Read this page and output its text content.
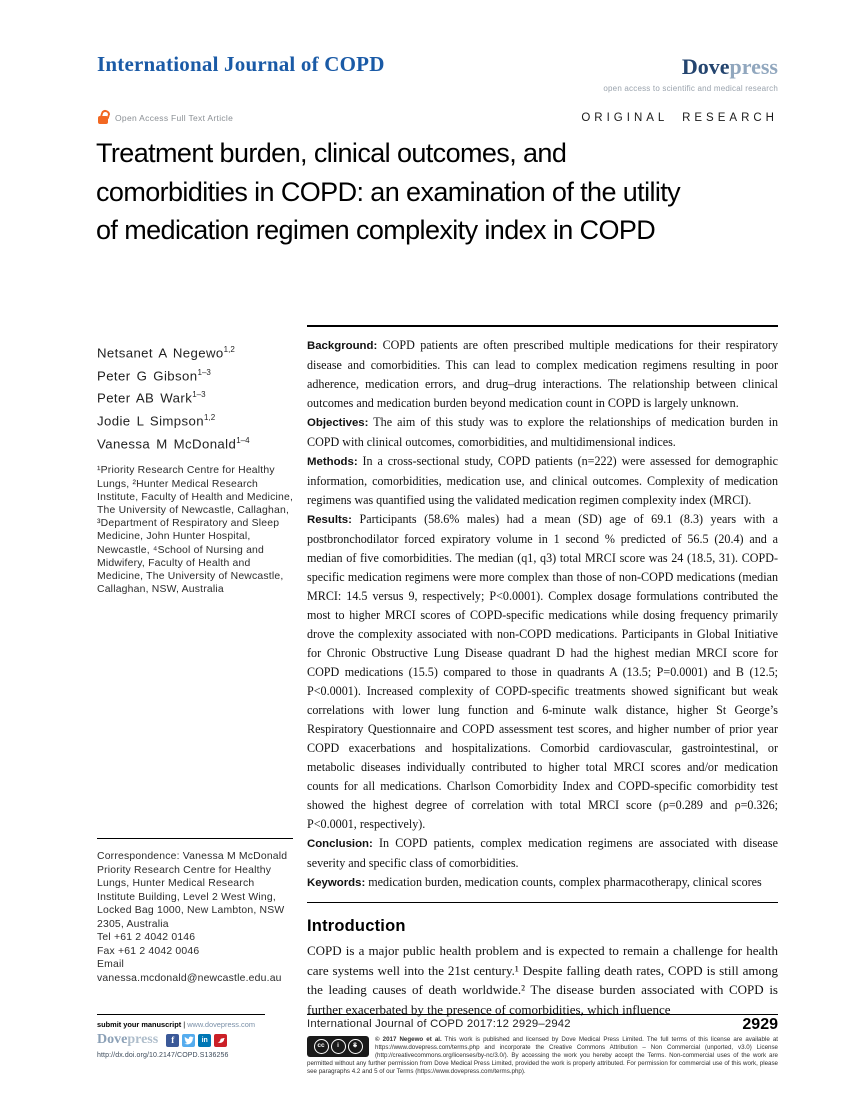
International Journal of COPD	Dovepress
open access to scientific and medical research
Open Access Full Text Article	ORIGINAL RESEARCH
Treatment burden, clinical outcomes, and
comorbidities in COPD: an examination of the utility
of medication regimen complexity index in COPD
Netsanet A Negewo$^{1,2}$
Peter G Gibson$^{1-3}$
Peter AB Wark$^{1-3}$
Jodie L Simpson$^{1,2}$
Vanessa M McDonald$^{1-4}$
¹Priority Research Centre for Healthy Lungs, ²Hunter Medical Research Institute, Faculty of Health and Medicine, The University of Newcastle, Callaghan, ³Department of Respiratory and Sleep Medicine, John Hunter Hospital, Newcastle, ⁴School of Nursing and Midwifery, Faculty of Health and Medicine, The University of Newcastle, Callaghan, NSW, Australia
Correspondence: Vanessa M McDonald
Priority Research Centre for Healthy Lungs, Hunter Medical Research Institute Building, Level 2 West Wing, Locked Bag 1000, New Lambton, NSW 2305, Australia
Tel +61 2 4042 0146
Fax +61 2 4042 0046
Email vanessa.mcdonald@newcastle.edu.au

Background: COPD patients are often prescribed multiple medications for their respiratory disease and comorbidities. This can lead to complex medication regimens resulting in poor adherence, medication errors, and drug–drug interactions. The relationship between clinical outcomes and medication burden beyond medication count in COPD is largely unknown.

Objectives: The aim of this study was to explore the relationships of medication burden in COPD with clinical outcomes, comorbidities, and multidimensional indices.

Methods: In a cross-sectional study, COPD patients (n=222) were assessed for demographic information, comorbidities, medication use, and clinical outcomes. Complexity of medication regimens was quantified using the validated medication regimen complexity index (MRCI).

Results: Participants (58.6% males) had a mean (SD) age of 69.1 (8.3) years with a postbronchodilator forced expiratory volume in 1 second % predicted of 56.5 (20.4) and a median of five comorbidities. The median (q1, q3) total MRCI score was 24 (18.5, 31). COPD-specific medication regimens were more complex than those of non-COPD medications (median MRCI: 14.5 versus 9, respectively; P<0.0001). Complex dosage formulations contributed the most to higher MRCI scores of COPD-specific medications while dosing frequency primarily drove the complexity associated with non-COPD medications. Participants in Global Initiative for Chronic Obstructive Lung Disease quadrant D had the highest median MRCI score for COPD medications (15.5) compared to those in quadrants A (13.5; P=0.0001) and B (12.5; P<0.0001). Increased complexity of COPD-specific treatments showed significant but weak correlations with lower lung function and 6-minute walk distance, higher St George’s Respiratory Questionnaire and COPD assessment test scores, and higher number of prior year COPD exacerbations and hospitalizations. Comorbid cardiovascular, gastrointestinal, or metabolic diseases individually contributed to higher total MRCI scores and/or medication counts for all medications. Charlson Comorbidity Index and COPD-specific comorbidity test showed the highest degree of correlation with total MRCI score (ρ=0.289 and ρ=0.326; P<0.0001, respectively).

Conclusion: In COPD patients, complex medication regimens are associated with disease severity and specific class of comorbidities.

Keywords: medication burden, medication counts, complex pharmacotherapy, clinical scores

Introduction

COPD is a major public health problem and is expected to remain a challenge for health care systems well into the 21st century.¹ Despite falling death rates, COPD is still among the leading causes of death worldwide.² The disease burden associated with COPD is further exacerbated by the presence of comorbidities, which influence

submit your manuscript | www.dovepress.com
Dovepress f	in
http://dx.doi.org/10.2147/COPD.S136256
International Journal of COPD 2017:12 2929–2942	2929
cc	i	$
© 2017 Negewo et al. This work is published and licensed by Dove Medical Press Limited. The full terms of this license are available at https://www.dovepress.com/terms.php and incorporate the Creative Commons Attribution – Non Commercial (unported, v3.0) License (http://creativecommons.org/licenses/by-nc/3.0/). By accessing the work you hereby accept the Terms. Non-commercial uses of the work are permitted without any further permission from Dove Medical Press Limited, provided the work is properly attributed. For permission for commercial use of this work, please see paragraphs 4.2 and 5 of our Terms (https://www.dovepress.com/terms.php).
